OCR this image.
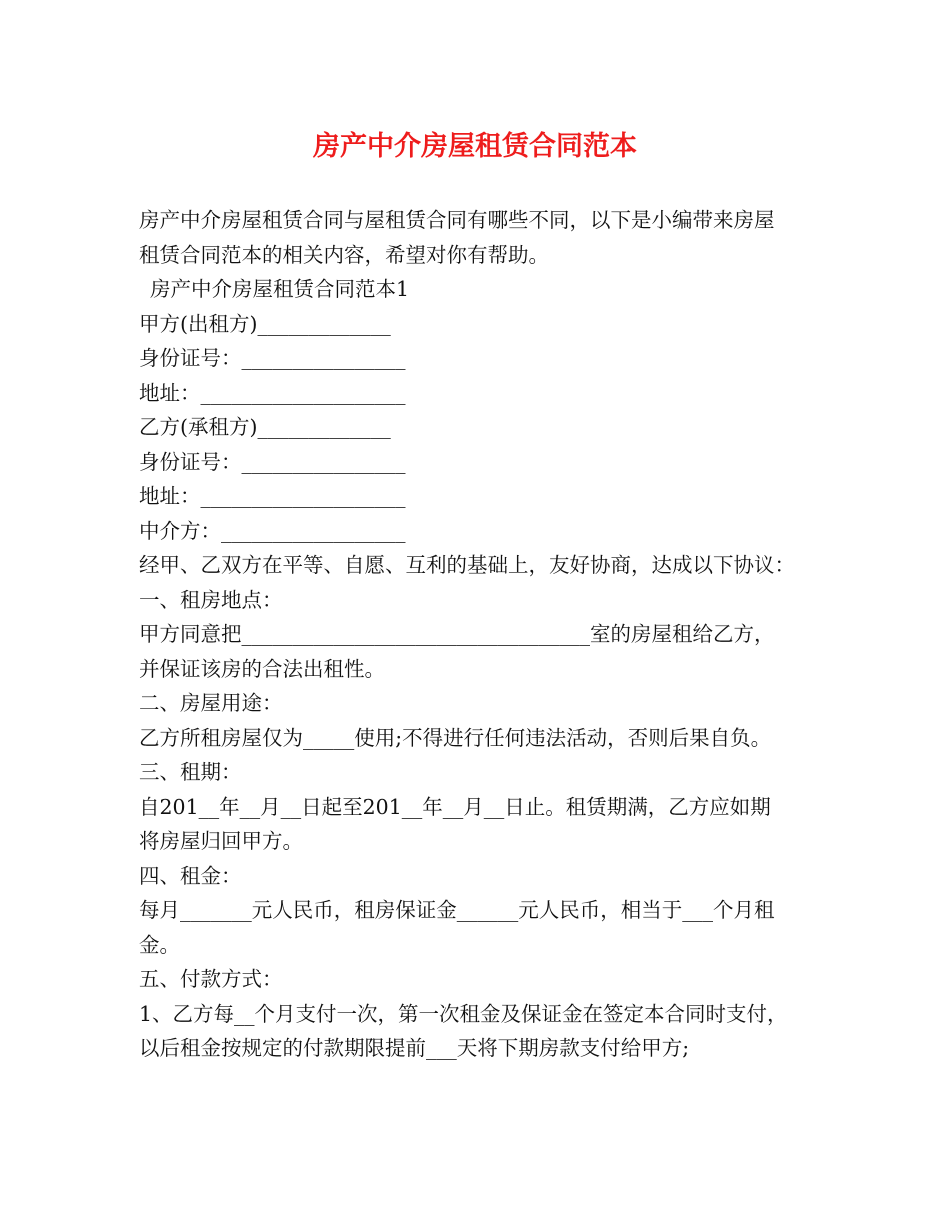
房产中介房屋租赁合同范本
房产中介房屋租赁合同与屋租赁合同有哪些不同，以下是小编带来房屋
租赁合同范本的相关内容，希望对你有帮助。
房产中介房屋租赁合同范本1
甲方(出租方)_____________
身份证号：________________
地址：____________________
乙方(承租方)_____________
身份证号：________________
地址：____________________
中介方：__________________
经甲、乙双方在平等、自愿、互利的基础上，友好协商，达成以下协议：
一、租房地点：
甲方同意把__________________________________室的房屋租给乙方，
并保证该房的合法出租性。
二、房屋用途：
乙方所租房屋仅为_____使用;不得进行任何违法活动，否则后果自负。
三、租期：
自201__年__月__日起至201__年__月__日止。租赁期满，乙方应如期
将房屋归回甲方。
四、租金：
每月_______元人民币，租房保证金______元人民币，相当于___个月租
金。
五、付款方式：
1、乙方每__个月支付一次，第一次租金及保证金在签定本合同时支付，
以后租金按规定的付款期限提前___天将下期房款支付给甲方;
